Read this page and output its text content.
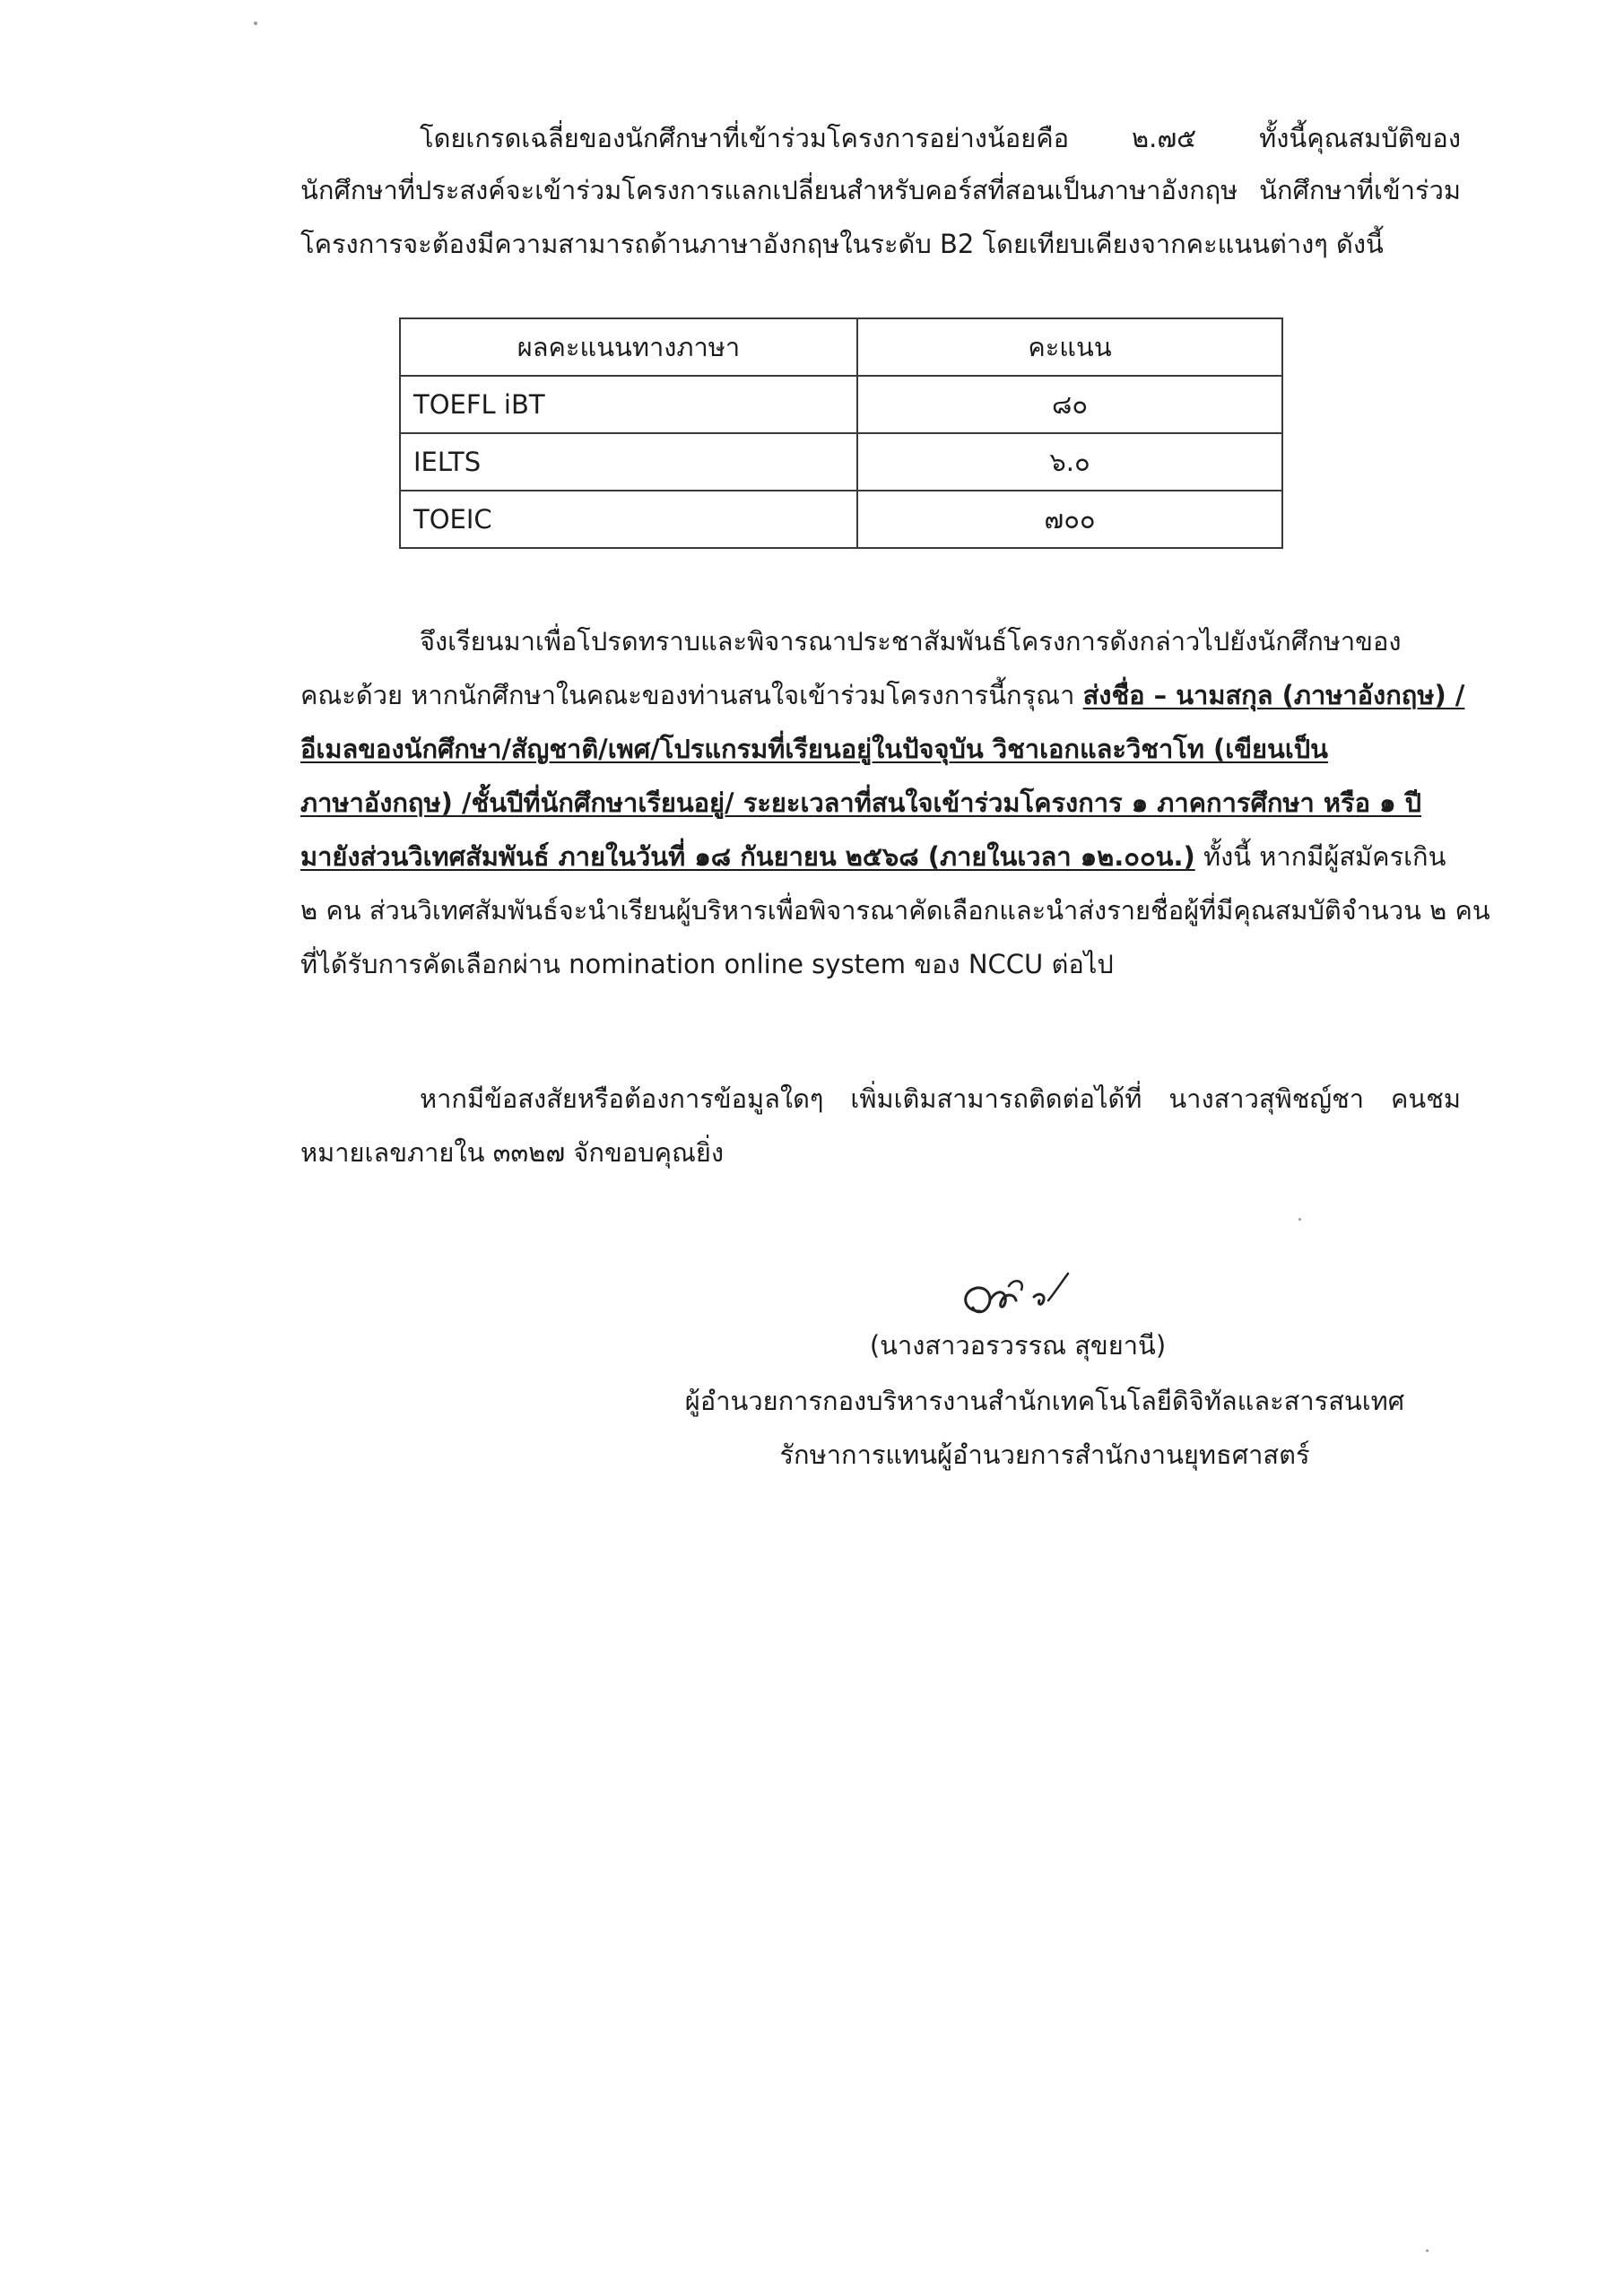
โดยเกรดเฉลี่ยของนักศึกษาที่เข้าร่วมโครงการอย่างน้อยคือ ๒.๗๕ ทั้งนี้คุณสมบัติของ
นักศึกษาที่ประสงค์จะเข้าร่วมโครงการแลกเปลี่ยนสำหรับคอร์สที่สอนเป็นภาษาอังกฤษ นักศึกษาที่เข้าร่วม
โครงการจะต้องมีความสามารถด้านภาษาอังกฤษในระดับ B2 โดยเทียบเคียงจากคะแนนต่างๆ ดังนี้
ผลคะแนนทางภาษา	คะแนน
TOEFL iBT	๘๐
IELTS	๖.๐
TOEIC	๗๐๐
จึงเรียนมาเพื่อโปรดทราบและพิจารณาประชาสัมพันธ์โครงการดังกล่าวไปยังนักศึกษาของ
คณะด้วย หากนักศึกษาในคณะของท่านสนใจเข้าร่วมโครงการนี้กรุณา ส่งชื่อ – นามสกุล (ภาษาอังกฤษ) /
อีเมลของนักศึกษา/สัญชาติ/เพศ/โปรแกรมที่เรียนอยู่ในปัจจุบัน วิชาเอกและวิชาโท (เขียนเป็น
ภาษาอังกฤษ) /ชั้นปีที่นักศึกษาเรียนอยู่/ ระยะเวลาที่สนใจเข้าร่วมโครงการ ๑ ภาคการศึกษา หรือ ๑ ปี
มายังส่วนวิเทศสัมพันธ์ ภายในวันที่ ๑๘ กันยายน ๒๕๖๘ (ภายในเวลา ๑๒.๐๐น.) ทั้งนี้ หากมีผู้สมัครเกิน
๒ คน ส่วนวิเทศสัมพันธ์จะนำเรียนผู้บริหารเพื่อพิจารณาคัดเลือกและนำส่งรายชื่อผู้ที่มีคุณสมบัติจำนวน ๒ คน
ที่ได้รับการคัดเลือกผ่าน nomination online system ของ NCCU ต่อไป
หากมีข้อสงสัยหรือต้องการข้อมูลใดๆ เพิ่มเติมสามารถติดต่อได้ที่ นางสาวสุพิชญ์ชา คนชม
หมายเลขภายใน ๓๓๒๗ จักขอบคุณยิ่ง
(นางสาวอรวรรณ สุขยานี)
ผู้อำนวยการกองบริหารงานสำนักเทคโนโลยีดิจิทัลและสารสนเทศ
รักษาการแทนผู้อำนวยการสำนักงานยุทธศาสตร์
